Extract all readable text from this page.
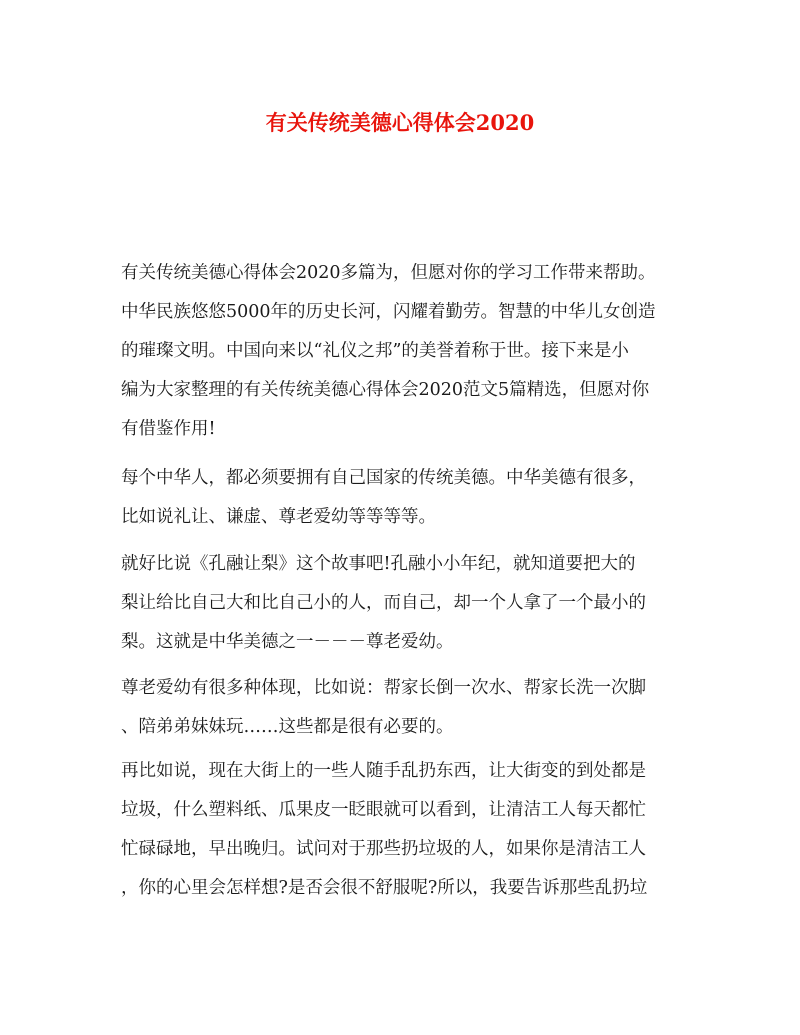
有关传统美德心得体会2020
有关传统美德心得体会2020多篇为，但愿对你的学习工作带来帮助。
中华民族悠悠5000年的历史长河，闪耀着勤劳。智慧的中华儿女创造
的璀璨文明。中国向来以“礼仪之邦”的美誉着称于世。接下来是小
编为大家整理的有关传统美德心得体会2020范文5篇精选，但愿对你
有借鉴作用!
每个中华人，都必须要拥有自己国家的传统美德。中华美德有很多，
比如说礼让、谦虚、尊老爱幼等等等等。
就好比说《孔融让梨》这个故事吧!孔融小小年纪，就知道要把大的
梨让给比自己大和比自己小的人，而自己，却一个人拿了一个最小的
梨。这就是中华美德之一－－－尊老爱幼。
尊老爱幼有很多种体现，比如说：帮家长倒一次水、帮家长洗一次脚
、陪弟弟妹妹玩……这些都是很有必要的。
再比如说，现在大街上的一些人随手乱扔东西，让大街变的到处都是
垃圾，什么塑料纸、瓜果皮一眨眼就可以看到，让清洁工人每天都忙
忙碌碌地，早出晚归。试问对于那些扔垃圾的人，如果你是清洁工人
，你的心里会怎样想?是否会很不舒服呢?所以，我要告诉那些乱扔垃
